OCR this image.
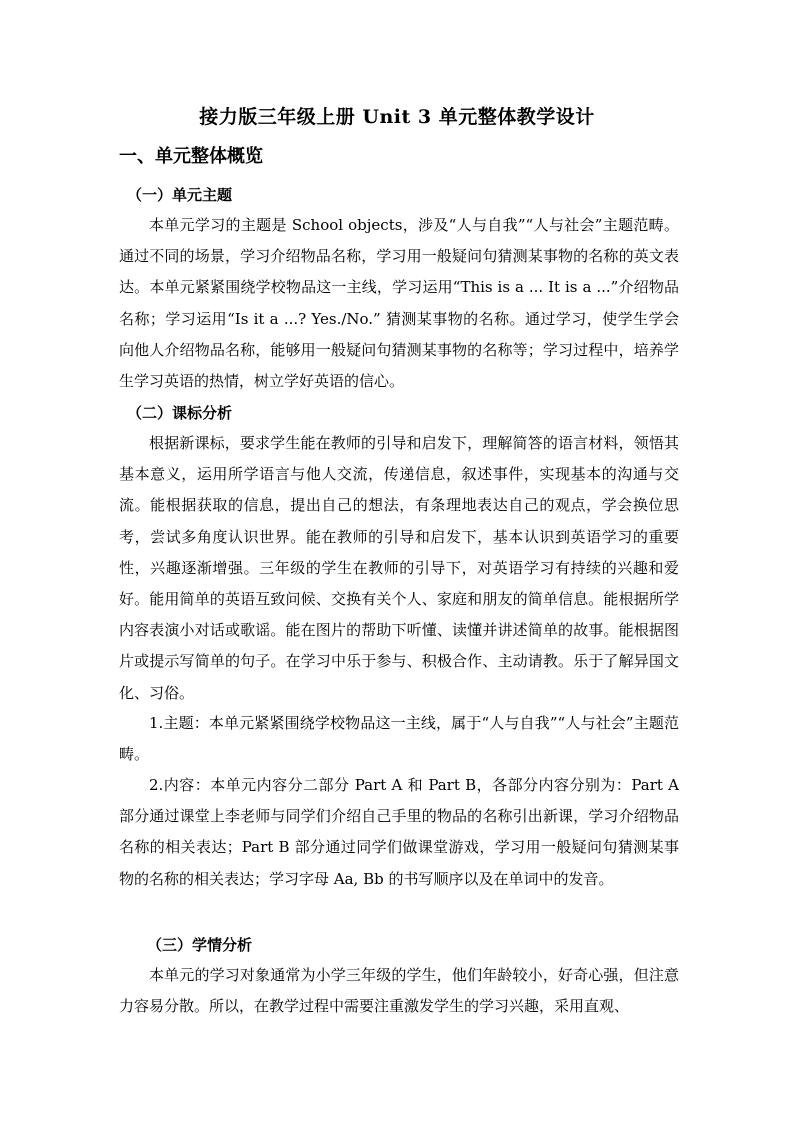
接力版三年级上册 Unit 3 单元整体教学设计
一、单元整体概览
（一）单元主题
本单元学习的主题是 School objects，涉及“人与自我”“人与社会”主题范畴。通过不同的场景，学习介绍物品名称，学习用一般疑问句猜测某事物的名称的英文表达。本单元紧紧围绕学校物品这一主线，学习运用“This is a ... It is a ...”介绍物品名称；学习运用“Is it a ...? Yes./No.” 猜测某事物的名称。通过学习，使学生学会向他人介绍物品名称，能够用一般疑问句猜测某事物的名称等；学习过程中，培养学生学习英语的热情，树立学好英语的信心。
（二）课标分析
根据新课标，要求学生能在教师的引导和启发下，理解简答的语言材料，领悟其基本意义，运用所学语言与他人交流，传递信息，叙述事件，实现基本的沟通与交流。能根据获取的信息，提出自己的想法，有条理地表达自己的观点，学会换位思考，尝试多角度认识世界。能在教师的引导和启发下，基本认识到英语学习的重要性，兴趣逐渐增强。三年级的学生在教师的引导下，对英语学习有持续的兴趣和爱好。能用简单的英语互致问候、交换有关个人、家庭和朋友的简单信息。能根据所学内容表演小对话或歌谣。能在图片的帮助下听懂、读懂并讲述简单的故事。能根据图片或提示写简单的句子。在学习中乐于参与、积极合作、主动请教。乐于了解异国文化、习俗。
1.主题：本单元紧紧围绕学校物品这一主线，属于“人与自我”“人与社会”主题范畴。
2.内容：本单元内容分二部分 Part A 和 Part B，各部分内容分别为：Part A 部分通过课堂上李老师与同学们介绍自己手里的物品的名称引出新课，学习介绍物品名称的相关表达；Part B 部分通过同学们做课堂游戏，学习用一般疑问句猜测某事物的名称的相关表达；学习字母 Aa, Bb 的书写顺序以及在单词中的发音。
（三）学情分析
本单元的学习对象通常为小学三年级的学生，他们年龄较小，好奇心强，但注意力容易分散。所以，在教学过程中需要注重激发学生的学习兴趣，采用直观、
